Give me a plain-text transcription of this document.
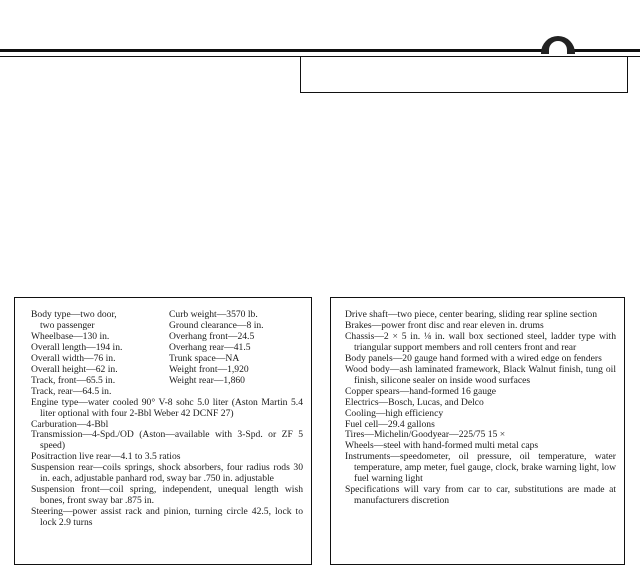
Body type—two door,
two passenger
Wheelbase—130 in.
Overall length—194 in.
Overall width—76 in.
Overall height—62 in.
Track, front—65.5 in.
Curb weight—3570 lb.
Ground clearance—8 in.
Overhang front—24.5
Overhang rear—41.5
Trunk space—NA
Weight front—1,920
Weight rear—1,860
Track, rear—64.5 in.
Engine type—water cooled 90° V-8 sohc 5.0 liter (Aston Martin 5.4 liter optional with four 2-Bbl Weber 42 DCNF 27)
Carburation—4-Bbl
Transmission—4-Spd./OD (Aston—available with 3-Spd. or ZF 5 speed)
Positraction live rear—4.1 to 3.5 ratios
Suspension rear—coils springs, shock absorbers, four radius rods 30 in. each, adjustable panhard rod, sway bar .750 in. adjustable
Suspension front—coil spring, independent, unequal length wish bones, front sway bar .875 in.
Steering—power assist rack and pinion, turning circle 42.5, lock to lock 2.9 turns
Drive shaft—two piece, center bearing, sliding rear spline section
Brakes—power front disc and rear eleven in. drums
Chassis—2 × 5 in. ⅛ in. wall box sectioned steel, ladder type with triangular support members and roll centers front and rear
Body panels—20 gauge hand formed with a wired edge on fenders
Wood body—ash laminated framework, Black Walnut finish, tung oil finish, silicone sealer on inside wood surfaces
Copper spears—hand-formed 16 gauge
Electrics—Bosch, Lucas, and Delco
Cooling—high efficiency
Fuel cell—29.4 gallons
Tires—Michelin/Goodyear—225/75 15 ×
Wheels—steel with hand-formed multi metal caps
Instruments—speedometer, oil pressure, oil temperature, water temperature, amp meter, fuel gauge, clock, brake warning light, low fuel warning light
Specifications will vary from car to car, substitutions are made at manufacturers discretion
